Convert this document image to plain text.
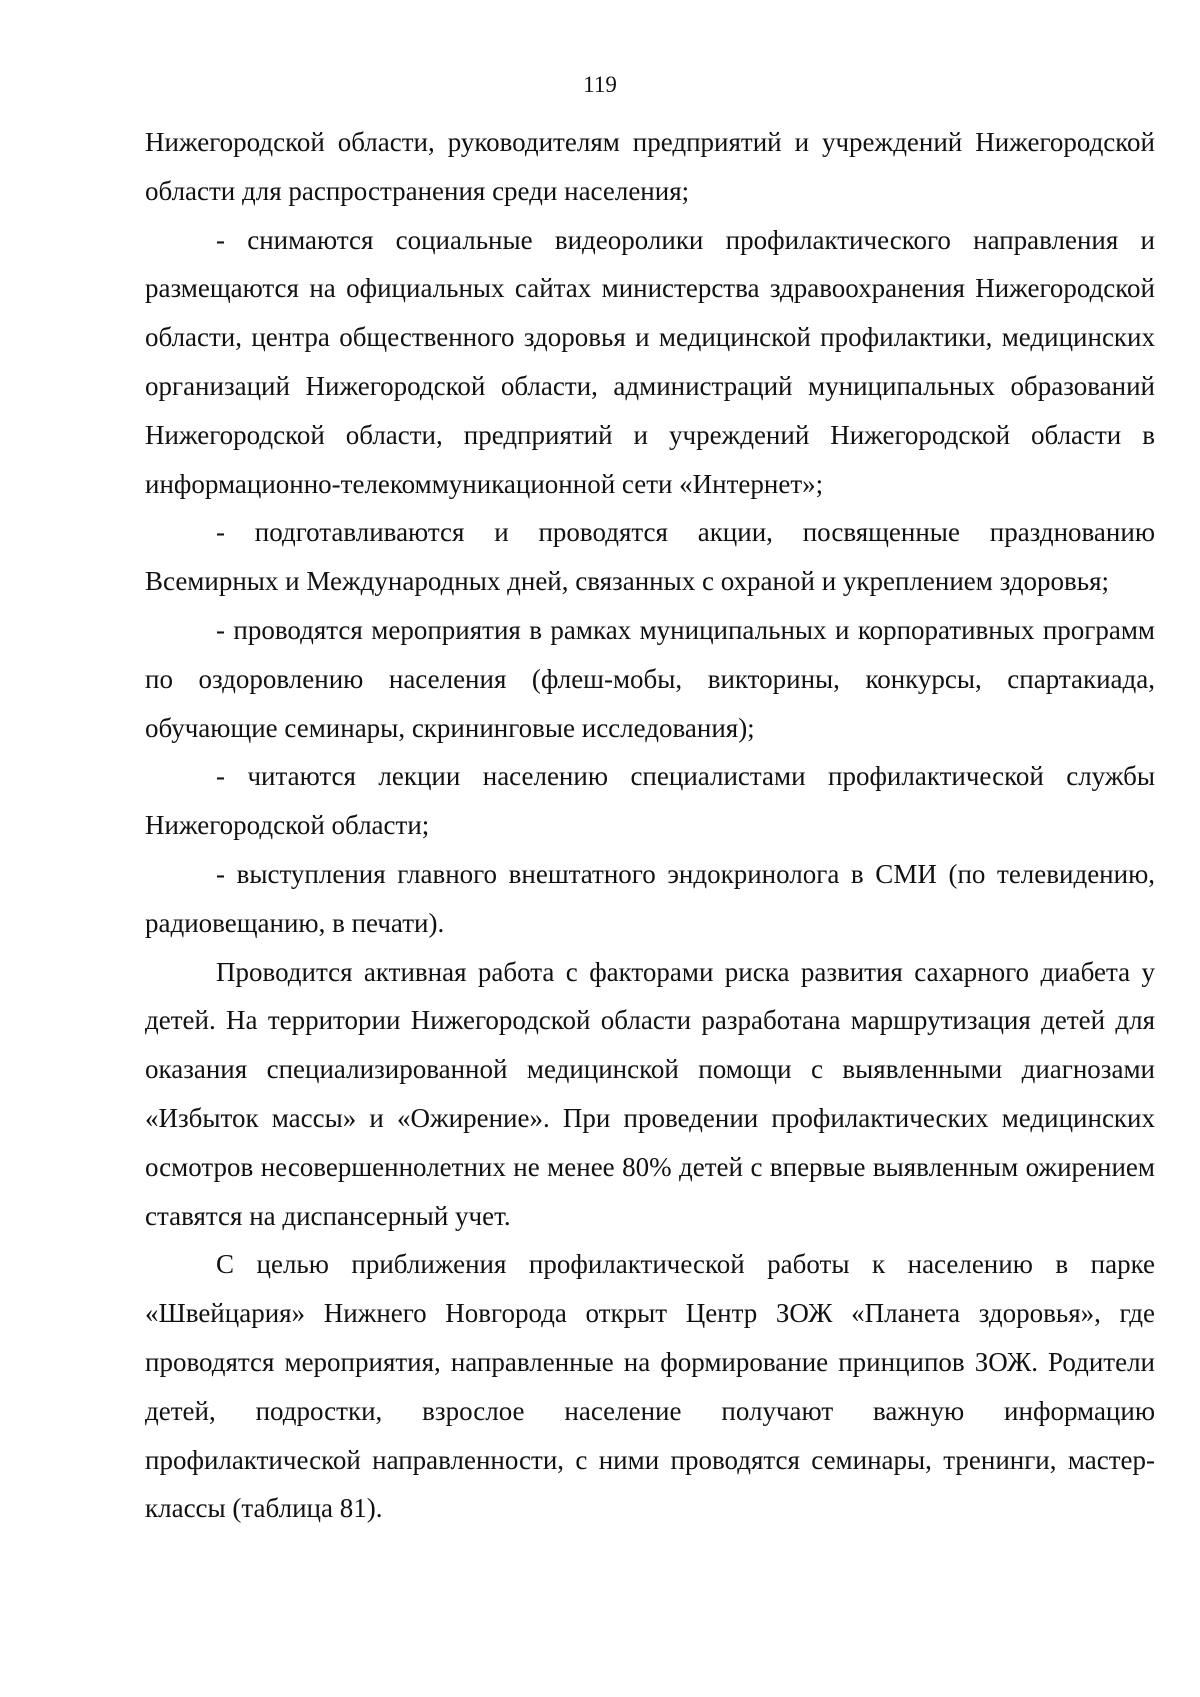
119

Нижегородской области, руководителям предприятий и учреждений Нижегородской области для распространения среди населения;

- снимаются социальные видеоролики профилактического направления и размещаются на официальных сайтах министерства здравоохранения Нижегородской области, центра общественного здоровья и медицинской профилактики, медицинских организаций Нижегородской области, администраций муниципальных образований Нижегородской области, предприятий и учреждений Нижегородской области в информационно-телекоммуникационной сети «Интернет»;

- подготавливаются и проводятся акции, посвященные празднованию Всемирных и Международных дней, связанных с охраной и укреплением здоровья;

- проводятся мероприятия в рамках муниципальных и корпоративных программ по оздоровлению населения (флеш-мобы, викторины, конкурсы, спартакиада, обучающие семинары, скрининговые исследования);

- читаются лекции населению специалистами профилактической службы Нижегородской области;

- выступления главного внештатного эндокринолога в СМИ (по телевидению, радиовещанию, в печати).

Проводится активная работа с факторами риска развития сахарного диабета у детей. На территории Нижегородской области разработана маршрутизация детей для оказания специализированной медицинской помощи с выявленными диагнозами «Избыток массы» и «Ожирение». При проведении профилактических медицинских осмотров несовершеннолетних не менее 80% детей с впервые выявленным ожирением ставятся на диспансерный учет.

С целью приближения профилактической работы к населению в парке «Швейцария» Нижнего Новгорода открыт Центр ЗОЖ «Планета здоровья», где проводятся мероприятия, направленные на формирование принципов ЗОЖ. Родители детей, подростки, взрослое население получают важную информацию профилактической направленности, с ними проводятся семинары, тренинги, мастер-классы (таблица 81).
